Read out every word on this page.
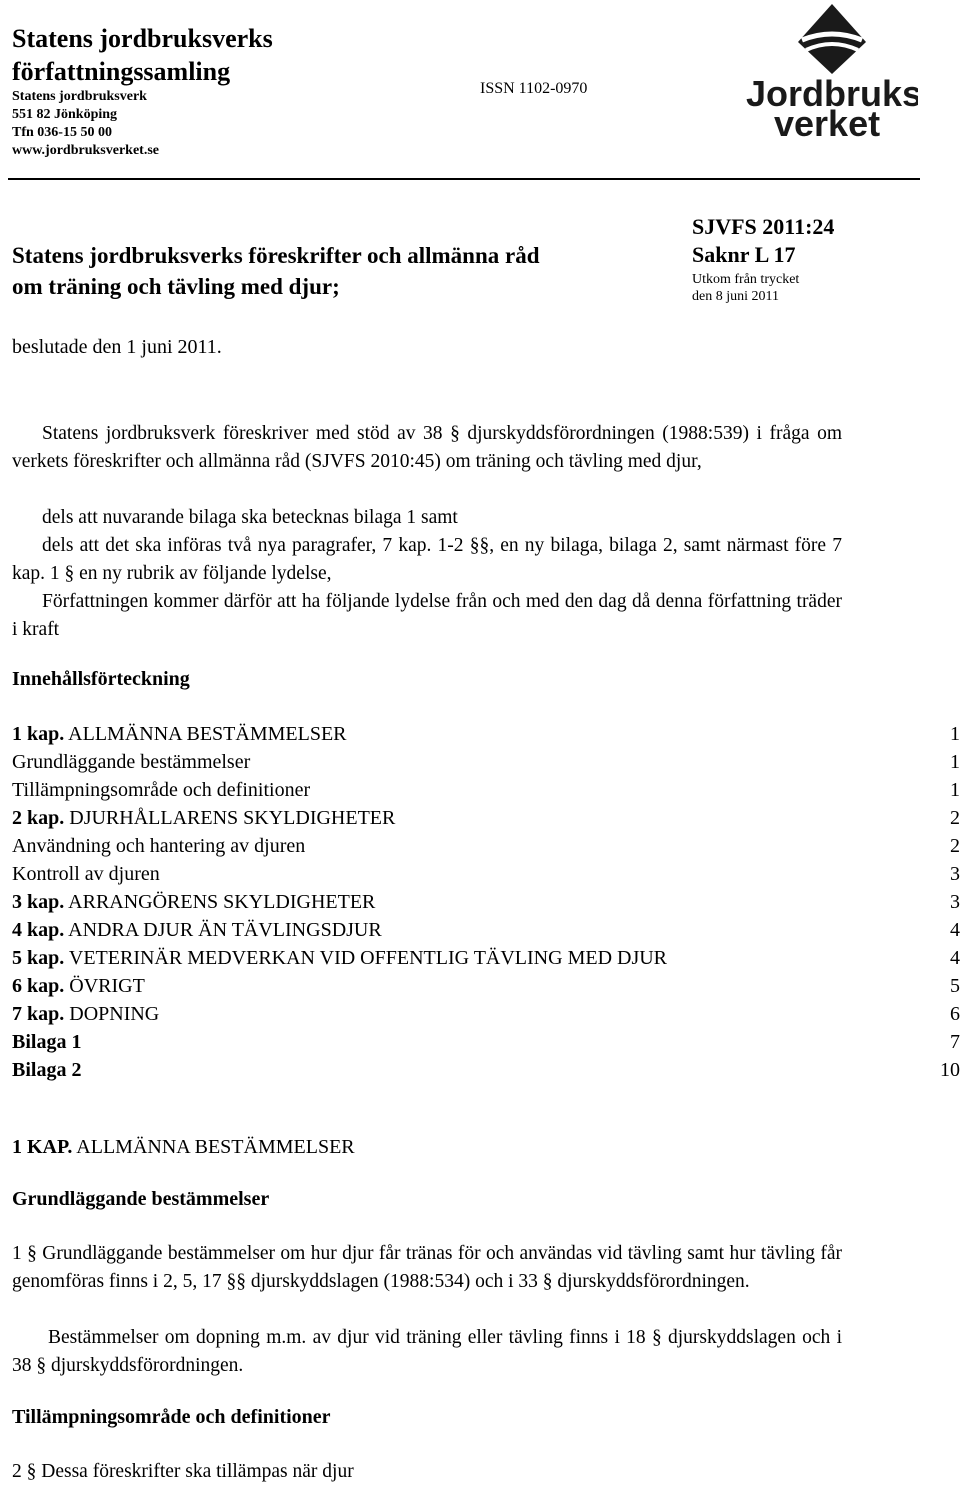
Statens jordbruksverks
författningssamling
Statens jordbruksverk
551 82 Jönköping
Tfn 036-15 50 00
www.jordbruksverket.se
ISSN 1102-0970	Jordbruks
verket
Statens jordbruksverks föreskrifter och allmänna råd
om träning och tävling med djur;
SJVFS 2011:24
Saknr L 17
Utkom från trycket
den 8 juni 2011
beslutade den 1 juni 2011.
Statens jordbruksverk föreskriver med stöd av 38 § djurskyddsförordningen (1988:539) i fråga om verkets föreskrifter och allmänna råd (SJVFS 2010:45) om träning och tävling med djur,
dels att nuvarande bilaga ska betecknas bilaga 1 samt
dels att det ska införas två nya paragrafer, 7 kap. 1-2 §§, en ny bilaga, bilaga 2, samt närmast före 7 kap. 1 § en ny rubrik av följande lydelse,
Författningen kommer därför att ha följande lydelse från och med den dag då denna författning träder i kraft
Innehållsförteckning
1 kap. ALLMÄNNA BESTÄMMELSER	1
Grundläggande bestämmelser	1
Tillämpningsområde och definitioner	1
2 kap. DJURHÅLLARENS SKYLDIGHETER	2
Användning och hantering av djuren	2
Kontroll av djuren	3
3 kap. ARRANGÖRENS SKYLDIGHETER	3
4 kap. ANDRA DJUR ÄN TÄVLINGSDJUR	4
5 kap. VETERINÄR MEDVERKAN VID OFFENTLIG TÄVLING MED DJUR	4
6 kap. ÖVRIGT	5
7 kap. DOPNING	6
Bilaga 1	7
Bilaga 2	10
1 KAP. ALLMÄNNA BESTÄMMELSER
Grundläggande bestämmelser
1 § Grundläggande bestämmelser om hur djur får tränas för och användas vid tävling samt hur tävling får genomföras finns i 2, 5, 17 §§ djurskyddslagen (1988:534) och i 33 § djurskyddsförordningen.
Bestämmelser om dopning m.m. av djur vid träning eller tävling finns i 18 § djurskyddslagen och i 38 § djurskyddsförordningen.
Tillämpningsområde och definitioner
2 § Dessa föreskrifter ska tillämpas när djur
